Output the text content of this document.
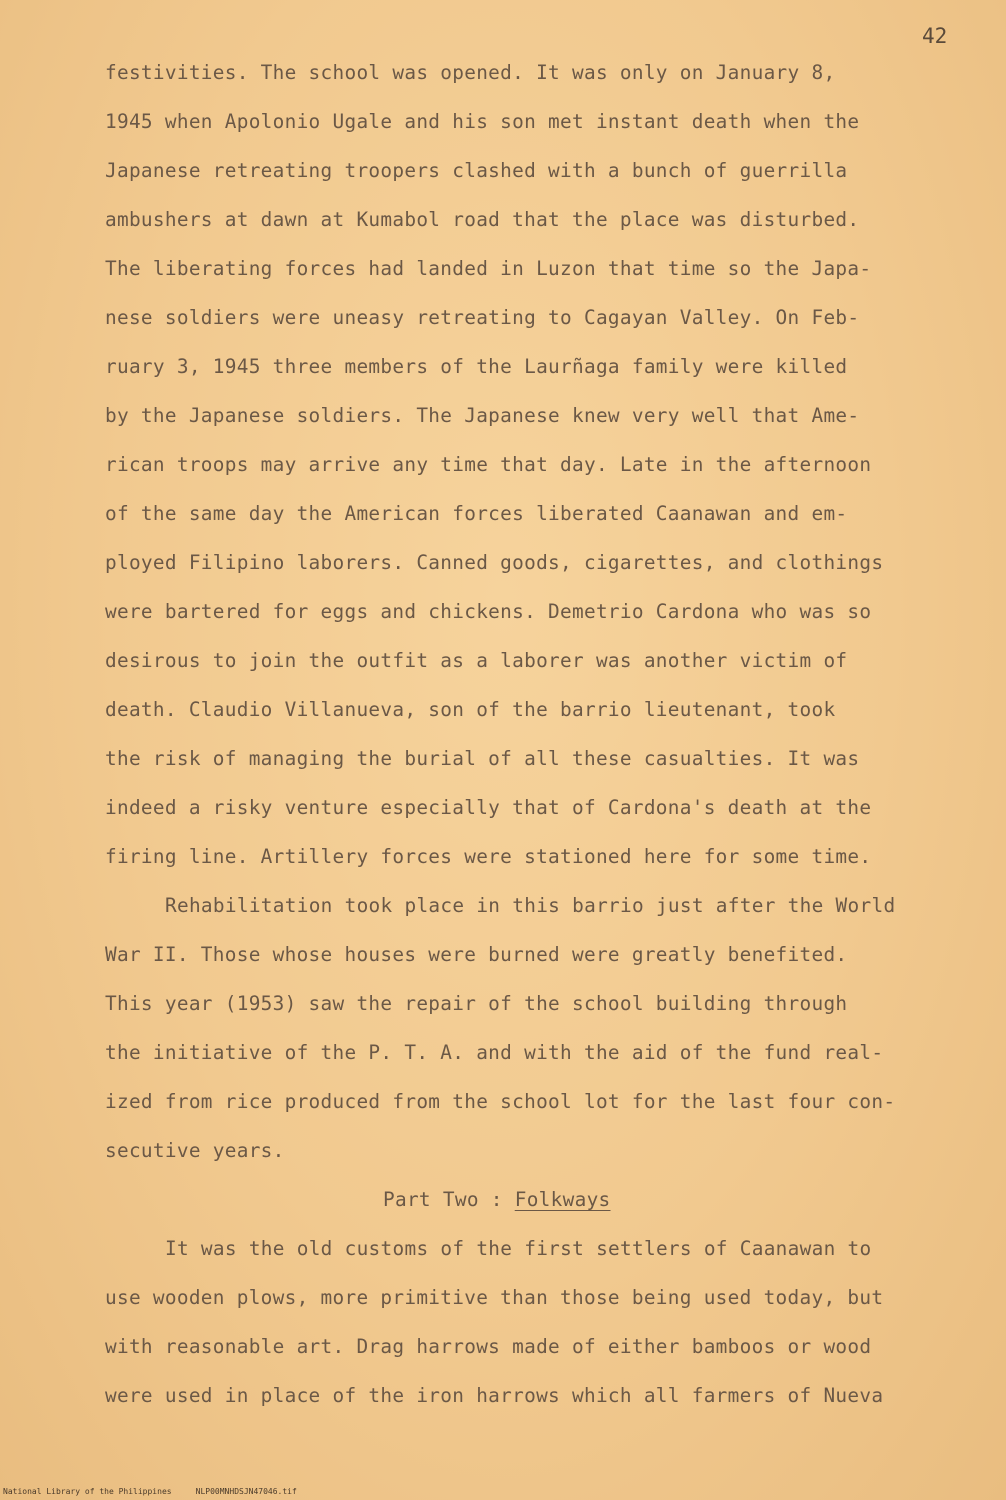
42
festivities. The school was opened. It was only on January 8,
1945 when Apolonio Ugale and his son met instant death when the
Japanese retreating troopers clashed with a bunch of guerrilla
ambushers at dawn at Kumabol road that the place was disturbed.
The liberating forces had landed in Luzon that time so the Japa-
nese soldiers were uneasy retreating to Cagayan Valley. On Feb-
ruary 3, 1945 three members of the Laurñaga family were killed
by the Japanese soldiers. The Japanese knew very well that Ame-
rican troops may arrive any time that day. Late in the afternoon
of the same day the American forces liberated Caanawan and em-
ployed Filipino laborers. Canned goods, cigarettes, and clothings
were bartered for eggs and chickens. Demetrio Cardona who was so
desirous to join the outfit as a laborer was another victim of
death. Claudio Villanueva, son of the barrio lieutenant, took
the risk of managing the burial of all these casualties. It was
indeed a risky venture especially that of Cardona's death at the
firing line. Artillery forces were stationed here for some time.
Rehabilitation took place in this barrio just after the World
War II. Those whose houses were burned were greatly benefited.
This year (1953) saw the repair of the school building through
the initiative of the P. T. A. and with the aid of the fund real-
ized from rice produced from the school lot for the last four con-
secutive years.
Part Two : Folkways
It was the old customs of the first settlers of Caanawan to
use wooden plows, more primitive than those being used today, but
with reasonable art. Drag harrows made of either bamboos or wood
were used in place of the iron harrows which all farmers of Nueva
National Library of the Philippines     NLP00MNHDSJN47046.tif
